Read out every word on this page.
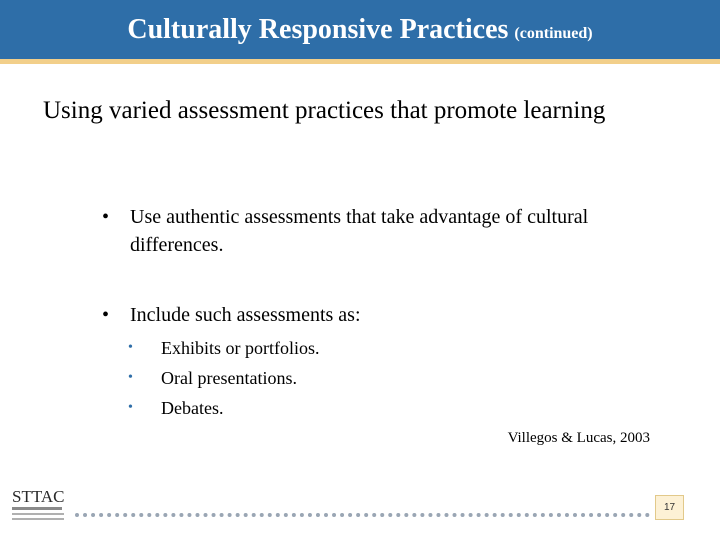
Culturally Responsive Practices (continued)
Using varied assessment practices that promote learning
•	Use authentic assessments that take advantage of cultural differences.
•	Include such assessments as:
•	Exhibits or portfolios.
•	Oral presentations.
•	Debates.
Villegos & Lucas, 2003
STTAC
17
